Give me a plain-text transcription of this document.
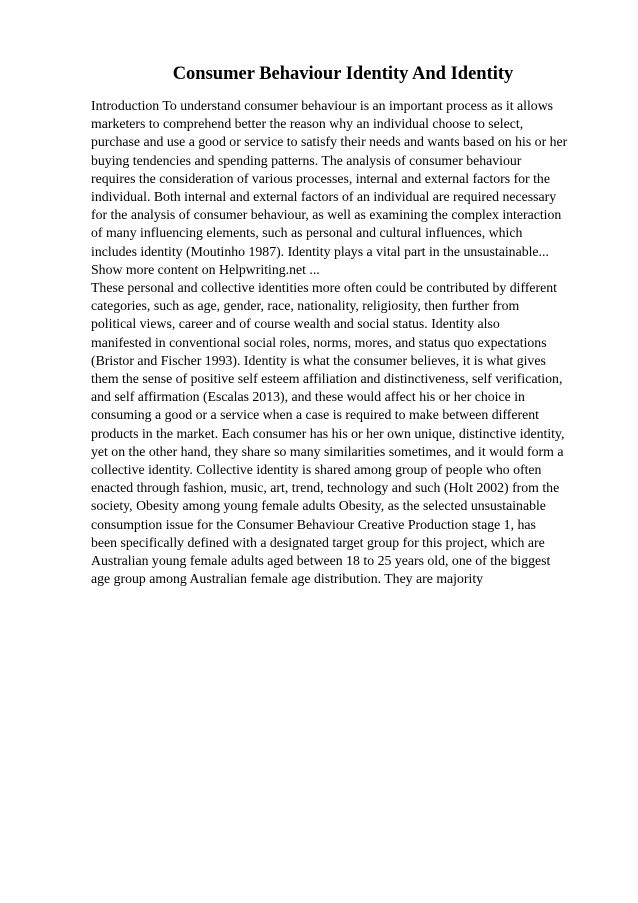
Consumer Behaviour Identity And Identity
Introduction To understand consumer behaviour is an important process as it allows
marketers to comprehend better the reason why an individual choose to select,
purchase and use a good or service to satisfy their needs and wants based on his or her
buying tendencies and spending patterns. The analysis of consumer behaviour
requires the consideration of various processes, internal and external factors for the
individual. Both internal and external factors of an individual are required necessary
for the analysis of consumer behaviour, as well as examining the complex interaction
of many influencing elements, such as personal and cultural influences, which
includes identity (Moutinho 1987). Identity plays a vital part in the unsustainable...
Show more content on Helpwriting.net ...
These personal and collective identities more often could be contributed by different
categories, such as age, gender, race, nationality, religiosity, then further from
political views, career and of course wealth and social status. Identity also
manifested in conventional social roles, norms, mores, and status quo expectations
(Bristor and Fischer 1993). Identity is what the consumer believes, it is what gives
them the sense of positive self esteem affiliation and distinctiveness, self verification,
and self affirmation (Escalas 2013), and these would affect his or her choice in
consuming a good or a service when a case is required to make between different
products in the market. Each consumer has his or her own unique, distinctive identity,
yet on the other hand, they share so many similarities sometimes, and it would form a
collective identity. Collective identity is shared among group of people who often
enacted through fashion, music, art, trend, technology and such (Holt 2002) from the
society, Obesity among young female adults Obesity, as the selected unsustainable
consumption issue for the Consumer Behaviour Creative Production stage 1, has
been specifically defined with a designated target group for this project, which are
Australian young female adults aged between 18 to 25 years old, one of the biggest
age group among Australian female age distribution. They are majority
